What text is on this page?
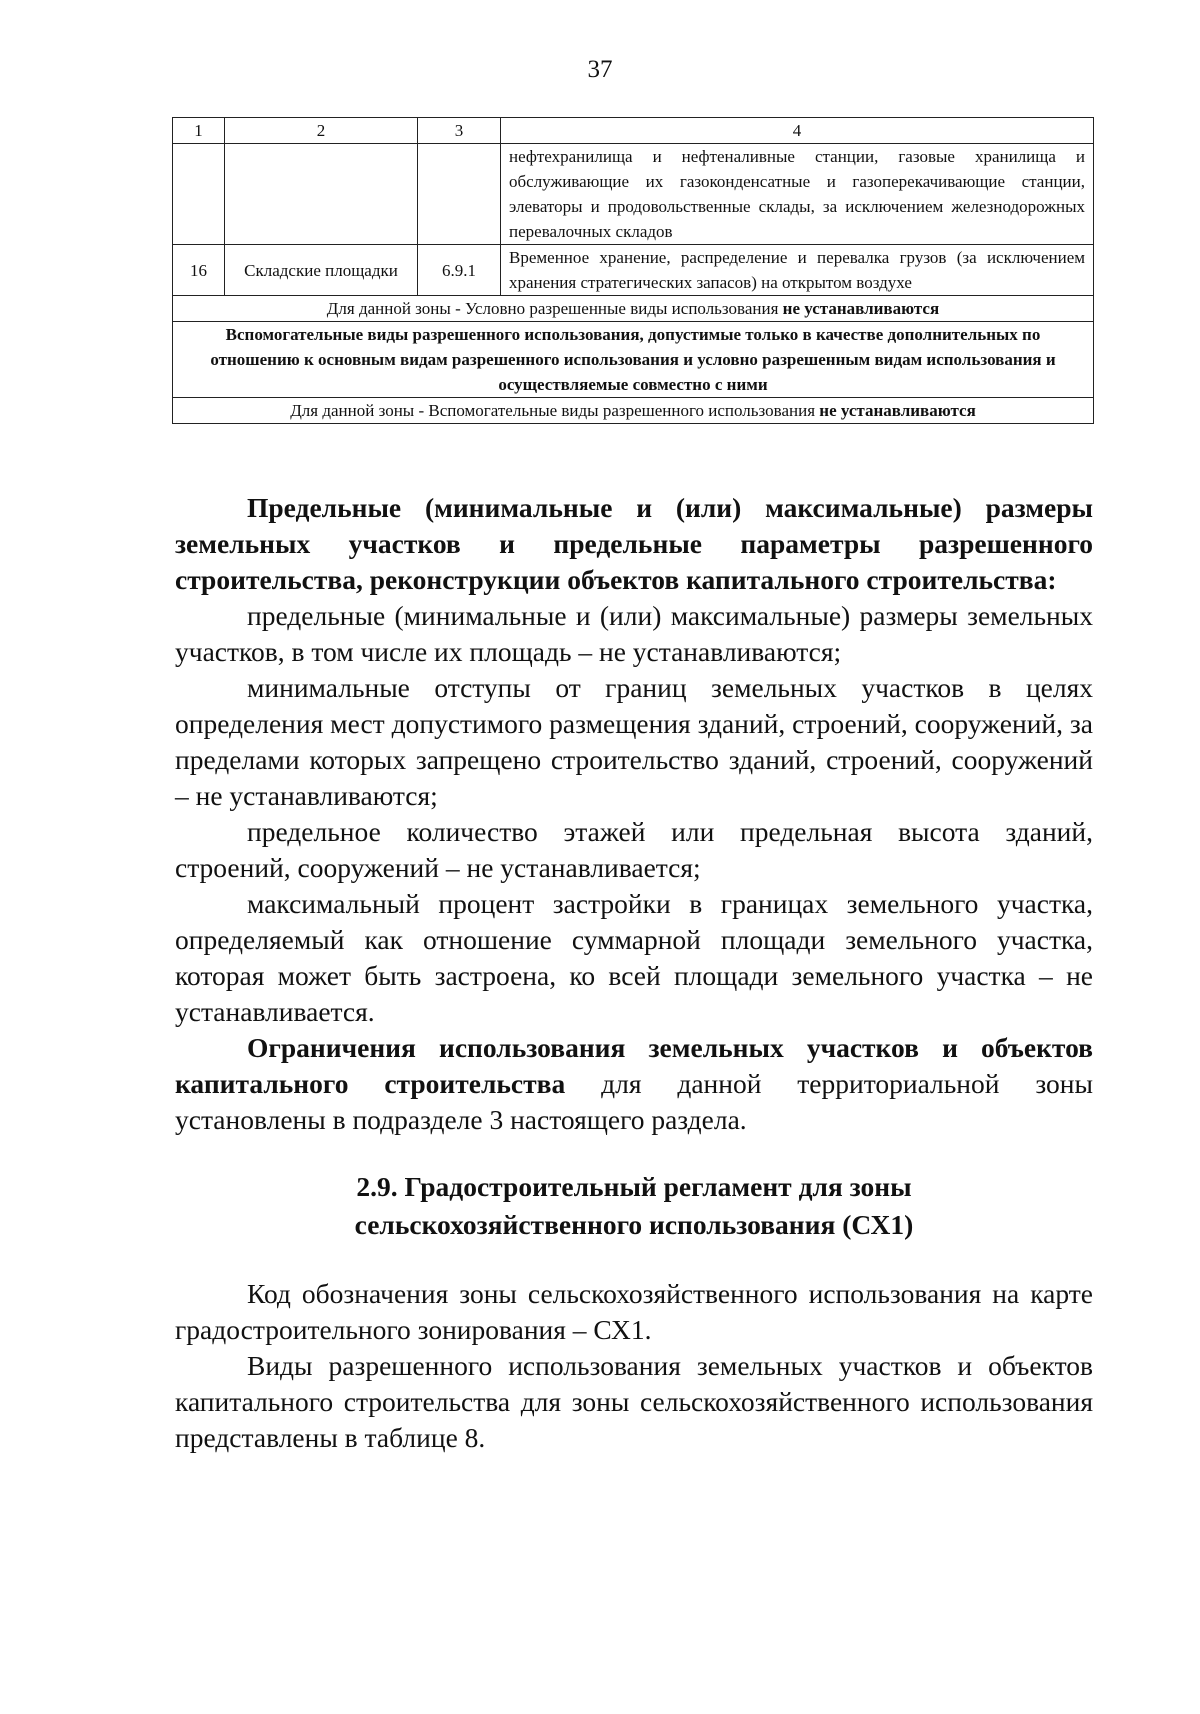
37
1	2	3	4
			нефтехранилища и нефтеналивные станции, газовые хранилища и обслуживающие их газоконденсатные и газоперекачивающие станции, элеваторы и продовольственные склады, за исключением железнодорожных перевалочных складов
16	Складские площадки	6.9.1	Временное хранение, распределение и перевалка грузов (за исключением хранения стратегических запасов) на открытом воздухе
Для данной зоны - Условно разрешенные виды использования не устанавливаются			
Вспомогательные виды разрешенного использования, допустимые только в качестве дополнительных по отношению к основным видам разрешенного использования и условно разрешенным видам использования и осуществляемые совместно с ними			
Для данной зоны - Вспомогательные виды разрешенного использования не устанавливаются			

Предельные (минимальные и (или) максимальные) размеры земельных участков и предельные параметры разрешенного строительства, реконструкции объектов капитального строительства:

предельные (минимальные и (или) максимальные) размеры земельных участков, в том числе их площадь – не устанавливаются;

минимальные отступы от границ земельных участков в целях определения мест допустимого размещения зданий, строений, сооружений, за пределами которых запрещено строительство зданий, строений, сооружений – не устанавливаются;

предельное количество этажей или предельная высота зданий, строений, сооружений – не устанавливается;

максимальный процент застройки в границах земельного участка, определяемый как отношение суммарной площади земельного участка, которая может быть застроена, ко всей площади земельного участка – не устанавливается.

Ограничения использования земельных участков и объектов капитального строительства для данной территориальной зоны установлены в подразделе 3 настоящего раздела.

2.9. Градостроительный регламент для зоны
сельскохозяйственного использования (СХ1)

Код обозначения зоны сельскохозяйственного использования на карте градостроительного зонирования – СХ1.

Виды разрешенного использования земельных участков и объектов капитального строительства для зоны сельскохозяйственного использования представлены в таблице 8.
